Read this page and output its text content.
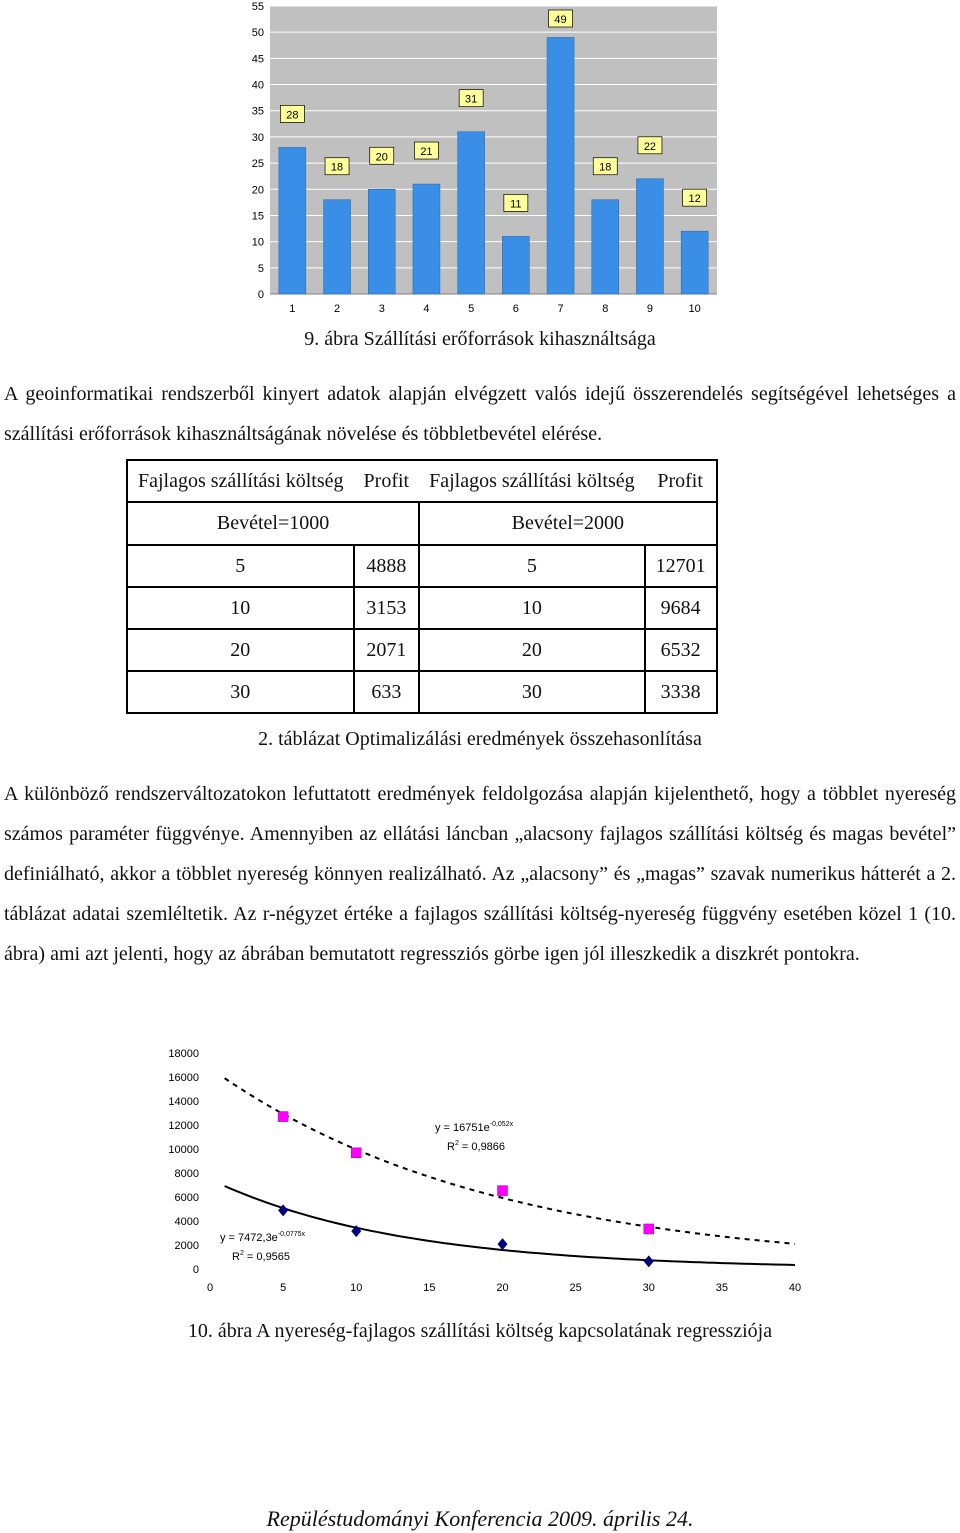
0
5
10
15
20
25
30
35
40
45
50
55
28
18
20	21
31
11
49
18
22
12
1	2	3	4	5	6	7	8	9	10
9. ábra Szállítási erőforrások kihasználtsága

A geoinformatikai rendszerből kinyert adatok alapján elvégzett valós idejű összerendelés segítségével lehetséges a szállítási erőforrások kihasználtságának növelése és többletbevétel elérése.

Fajlagos szállítási költség	Profit	Fajlagos szállítási költség	Profit
Bevétel=1000		Bevétel=2000	
5	4888	5	12701
10	3153	10	9684
20	2071	20	6532
30	633	30	3338
2. táblázat Optimalizálási eredmények összehasonlítása

A különböző rendszerváltozatokon lefuttatott eredmények feldolgozása alapján kijelenthető, hogy a többlet nyereség számos paraméter függvénye. Amennyiben az ellátási láncban „alacsony fajlagos szállítási költség és magas bevétel” definiálható, akkor a többlet nyereség könnyen realizálható. Az „alacsony” és „magas” szavak numerikus hátterét a 2. táblázat adatai szemléltetik. Az r-négyzet értéke a fajlagos szállítási költség-nyereség függvény esetében közel 1 (10. ábra) ami azt jelenti, hogy az ábrában bemutatott regressziós görbe igen jól illeszkedik a diszkrét pontokra.

0
2000
4000
6000
8000
10000
12000
14000
16000
18000
0	5	10	15	20	25	30	35	40
$y = 16751e^{-0,052x}$
$R^2 = 0,9866$
$y = 7472,3e^{-0,0775x}$
$R^2 = 0,9565$
10. ábra A nyereség-fajlagos szállítási költség kapcsolatának regressziója
Repüléstudományi Konferencia 2009. április 24.
